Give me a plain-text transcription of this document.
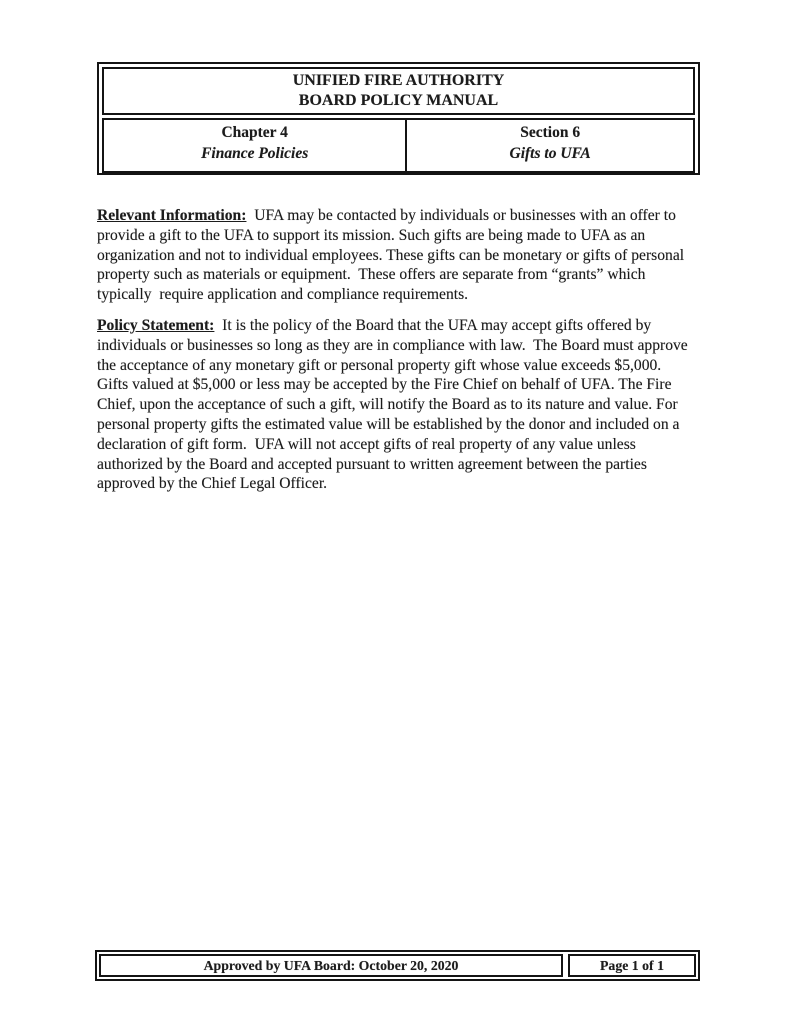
UNIFIED FIRE AUTHORITY
BOARD POLICY MANUAL
Chapter 4
Finance Policies
Section 6
Gifts to UFA

Relevant Information:  UFA may be contacted by individuals or businesses with an offer to provide a gift to the UFA to support its mission. Such gifts are being made to UFA as an organization and not to individual employees. These gifts can be monetary or gifts of personal property such as materials or equipment.  These offers are separate from “grants” which typically  require application and compliance requirements.

Policy Statement:  It is the policy of the Board that the UFA may accept gifts offered by individuals or businesses so long as they are in compliance with law.  The Board must approve  the acceptance of any monetary gift or personal property gift whose value exceeds $5,000.  Gifts valued at $5,000 or less may be accepted by the Fire Chief on behalf of UFA. The Fire Chief, upon the acceptance of such a gift, will notify the Board as to its nature and value. For  personal property gifts the estimated value will be established by the donor and included on a  declaration of gift form.  UFA will not accept gifts of real property of any value unless  authorized by the Board and accepted pursuant to written agreement between the parties  approved by the Chief Legal Officer.

Approved by UFA Board: October 20, 2020	Page 1 of 1
